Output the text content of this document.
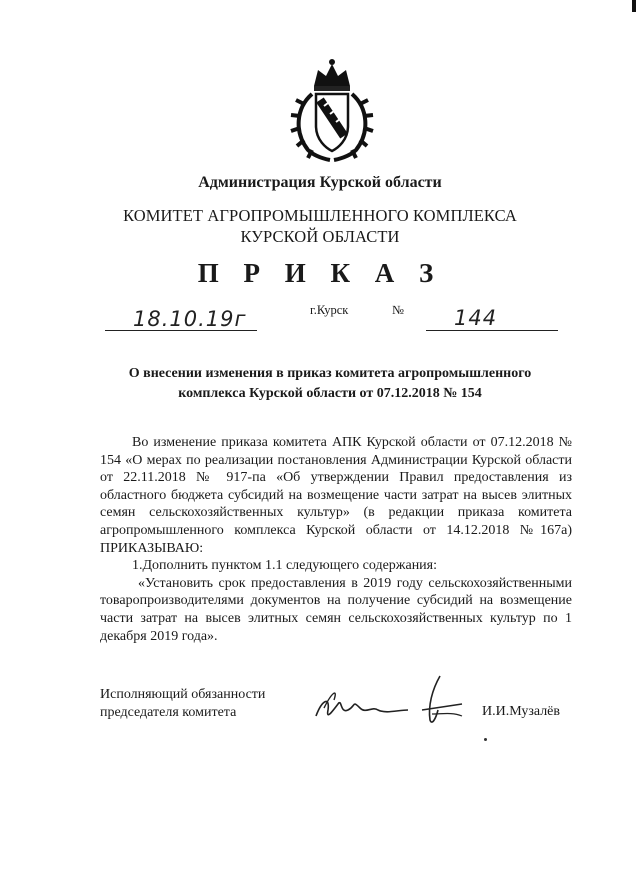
Администрация Курской области
КОМИТЕТ АГРОПРОМЫШЛЕННОГО КОМПЛЕКСА
КУРСКОЙ ОБЛАСТИ
П Р И К А З
18.10.19г	г.Курск	№ 144
О внесении изменения в приказ комитета агропромышленного
комплекса Курской области от 07.12.2018 № 154

Во изменение приказа комитета АПК Курской области от 07.12.2018 № 154 «О мерах по реализации постановления Администрации Курской области от 22.11.2018 № 917-па «Об утверждении Правил предоставления из областного бюджета субсидий на возмещение части затрат на высев элитных семян сельскохозяйственных культур» (в редакции приказа комитета агропромышленного комплекса Курской области от 14.12.2018 №167а) ПРИКАЗЫВАЮ:

1.Дополнить пунктом 1.1 следующего содержания:

«Установить срок предоставления в 2019 году сельскохозяйственными товаропроизводителями документов на получение субсидий на возмещение части затрат на высев элитных семян сельскохозяйственных культур по 1 декабря 2019 года».

Исполняющий обязанности
председателя комитета	И.И.Музалёв
